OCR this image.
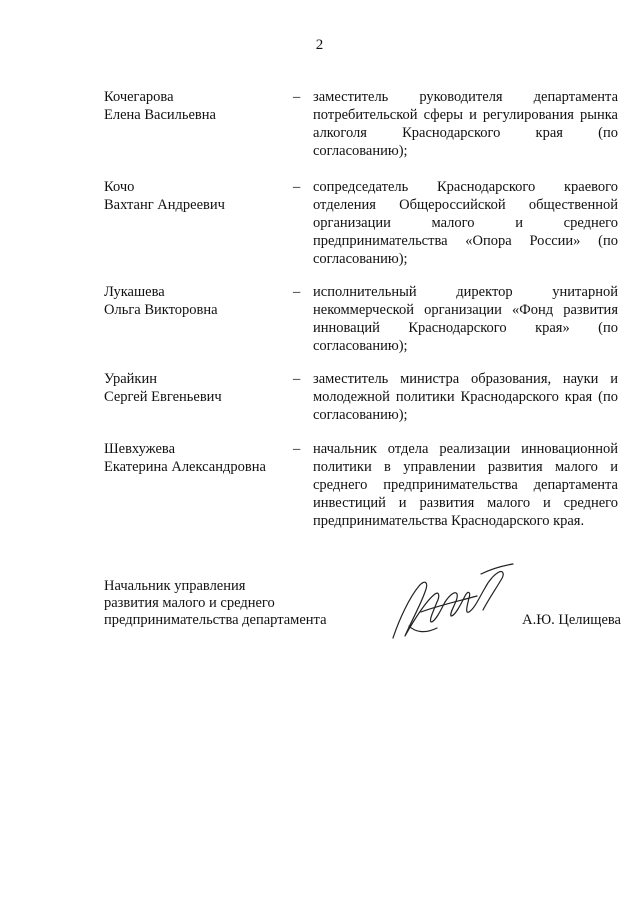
2
Кочегарова
Елена Васильевна
– заместитель руководителя департамента потребительской сферы и регулирования рынка алкоголя Краснодарского края (по согласованию);
Кочо
Вахтанг Андреевич
– сопредседатель Краснодарского краевого отделения Общероссийской общественной организации малого и среднего предпринимательства «Опора России» (по согласованию);
Лукашева
Ольга Викторовна
– исполнительный директор унитарной некоммерческой организации «Фонд развития инноваций Краснодарского края» (по согласованию);
Урайкин
Сергей Евгеньевич
– заместитель министра образования, науки и молодежной политики Краснодарского края (по согласованию);
Шевхужева
Екатерина Александровна
– начальник отдела реализации инновационной политики в управлении развития малого и среднего предпринимательства департамента инвестиций и развития малого и среднего предпринимательства Краснодарского края.
Начальник управления
развития малого и среднего
предпринимательства департамента	А.Ю. Целищева
